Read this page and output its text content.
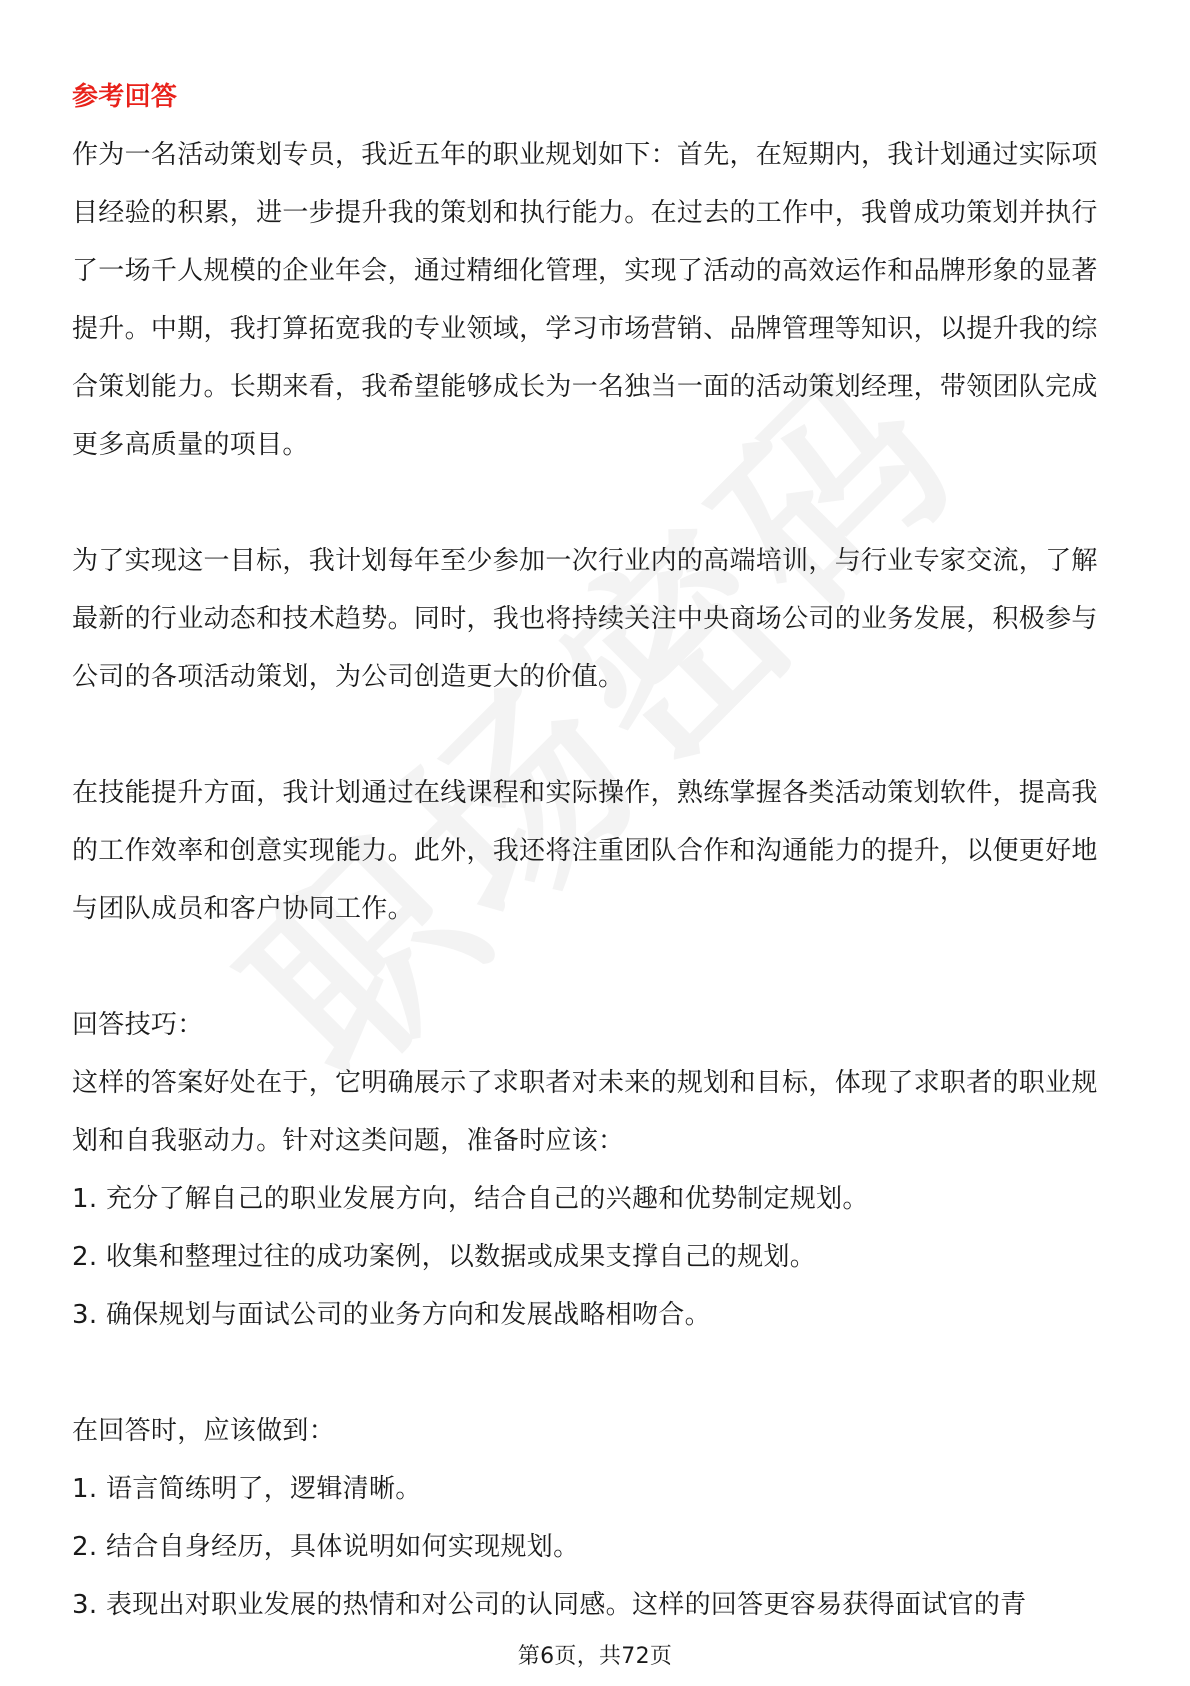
参考回答

作为一名活动策划专员，我近五年的职业规划如下：首先，在短期内，我计划通过实际项目经验的积累，进一步提升我的策划和执行能力。在过去的工作中，我曾成功策划并执行了一场千人规模的企业年会，通过精细化管理，实现了活动的高效运作和品牌形象的显著提升。中期，我打算拓宽我的专业领域，学习市场营销、品牌管理等知识，以提升我的综合策划能力。长期来看，我希望能够成长为一名独当一面的活动策划经理，带领团队完成更多高质量的项目。

为了实现这一目标，我计划每年至少参加一次行业内的高端培训，与行业专家交流，了解最新的行业动态和技术趋势。同时，我也将持续关注中央商场公司的业务发展，积极参与公司的各项活动策划，为公司创造更大的价值。

在技能提升方面，我计划通过在线课程和实际操作，熟练掌握各类活动策划软件，提高我的工作效率和创意实现能力。此外，我还将注重团队合作和沟通能力的提升，以便更好地与团队成员和客户协同工作。

回答技巧：

这样的答案好处在于，它明确展示了求职者对未来的规划和目标，体现了求职者的职业规划和自我驱动力。针对这类问题，准备时应该：

1. 充分了解自己的职业发展方向，结合自己的兴趣和优势制定规划。

2. 收集和整理过往的成功案例，以数据或成果支撑自己的规划。

3. 确保规划与面试公司的业务方向和发展战略相吻合。

在回答时，应该做到：

1. 语言简练明了，逻辑清晰。

2. 结合自身经历，具体说明如何实现规划。

3. 表现出对职业发展的热情和对公司的认同感。这样的回答更容易获得面试官的青

第6页，共72页
